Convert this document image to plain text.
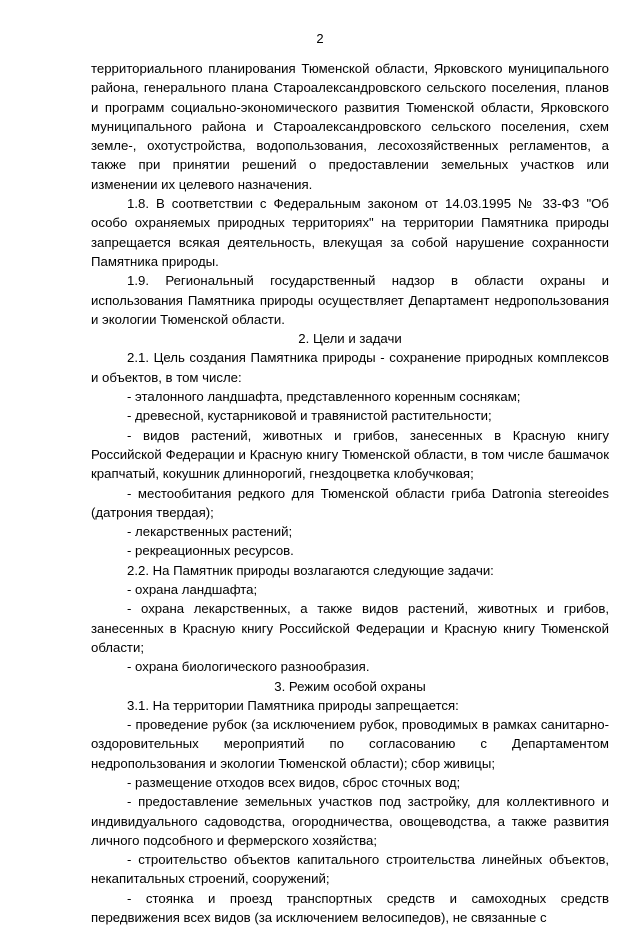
2

территориального планирования Тюменской области, Ярковского муниципального района, генерального плана Староалександровского сельского поселения, планов и программ социально-экономического развития Тюменской области, Ярковского муниципального района и Староалександровского сельского поселения, схем земле-, охотустройства, водопользования, лесохозяйственных регламентов, а также при принятии решений о предоставлении земельных участков или изменении их целевого назначения.

1.8. В соответствии с Федеральным законом от 14.03.1995 № 33-ФЗ "Об особо охраняемых природных территориях" на территории Памятника природы запрещается всякая деятельность, влекущая за собой нарушение сохранности Памятника природы.

1.9. Региональный государственный надзор в области охраны и использования Памятника природы осуществляет Департамент недропользования и экологии Тюменской области.

2. Цели и задачи

2.1. Цель создания Памятника природы - сохранение природных комплексов и объектов, в том числе:

- эталонного ландшафта, представленного коренным соснякам;

- древесной, кустарниковой и травянистой растительности;

- видов растений, животных и грибов, занесенных в Красную книгу Российской Федерации и Красную книгу Тюменской области, в том числе башмачок крапчатый, кокушник длиннорогий, гнездоцветка клобучковая;

- местообитания редкого для Тюменской области гриба Datronia stereoides (датрония твердая);

- лекарственных растений;

- рекреационных ресурсов.

2.2. На Памятник природы возлагаются следующие задачи:

- охрана ландшафта;

- охрана лекарственных, а также видов растений, животных и грибов, занесенных в Красную книгу Российской Федерации и Красную книгу Тюменской области;

- охрана биологического разнообразия.

3. Режим особой охраны

3.1. На территории Памятника природы запрещается:

- проведение рубок (за исключением рубок, проводимых в рамках санитарно-оздоровительных мероприятий по согласованию с Департаментом недропользования и экологии Тюменской области); сбор живицы;

- размещение отходов всех видов, сброс сточных вод;

- предоставление земельных участков под застройку, для коллективного и индивидуального садоводства, огородничества, овощеводства, а также развития личного подсобного и фермерского хозяйства;

- строительство объектов капитального строительства линейных объектов, некапитальных строений, сооружений;

- стоянка и проезд транспортных средств и самоходных средств передвижения всех видов (за исключением велосипедов), не связанные с
